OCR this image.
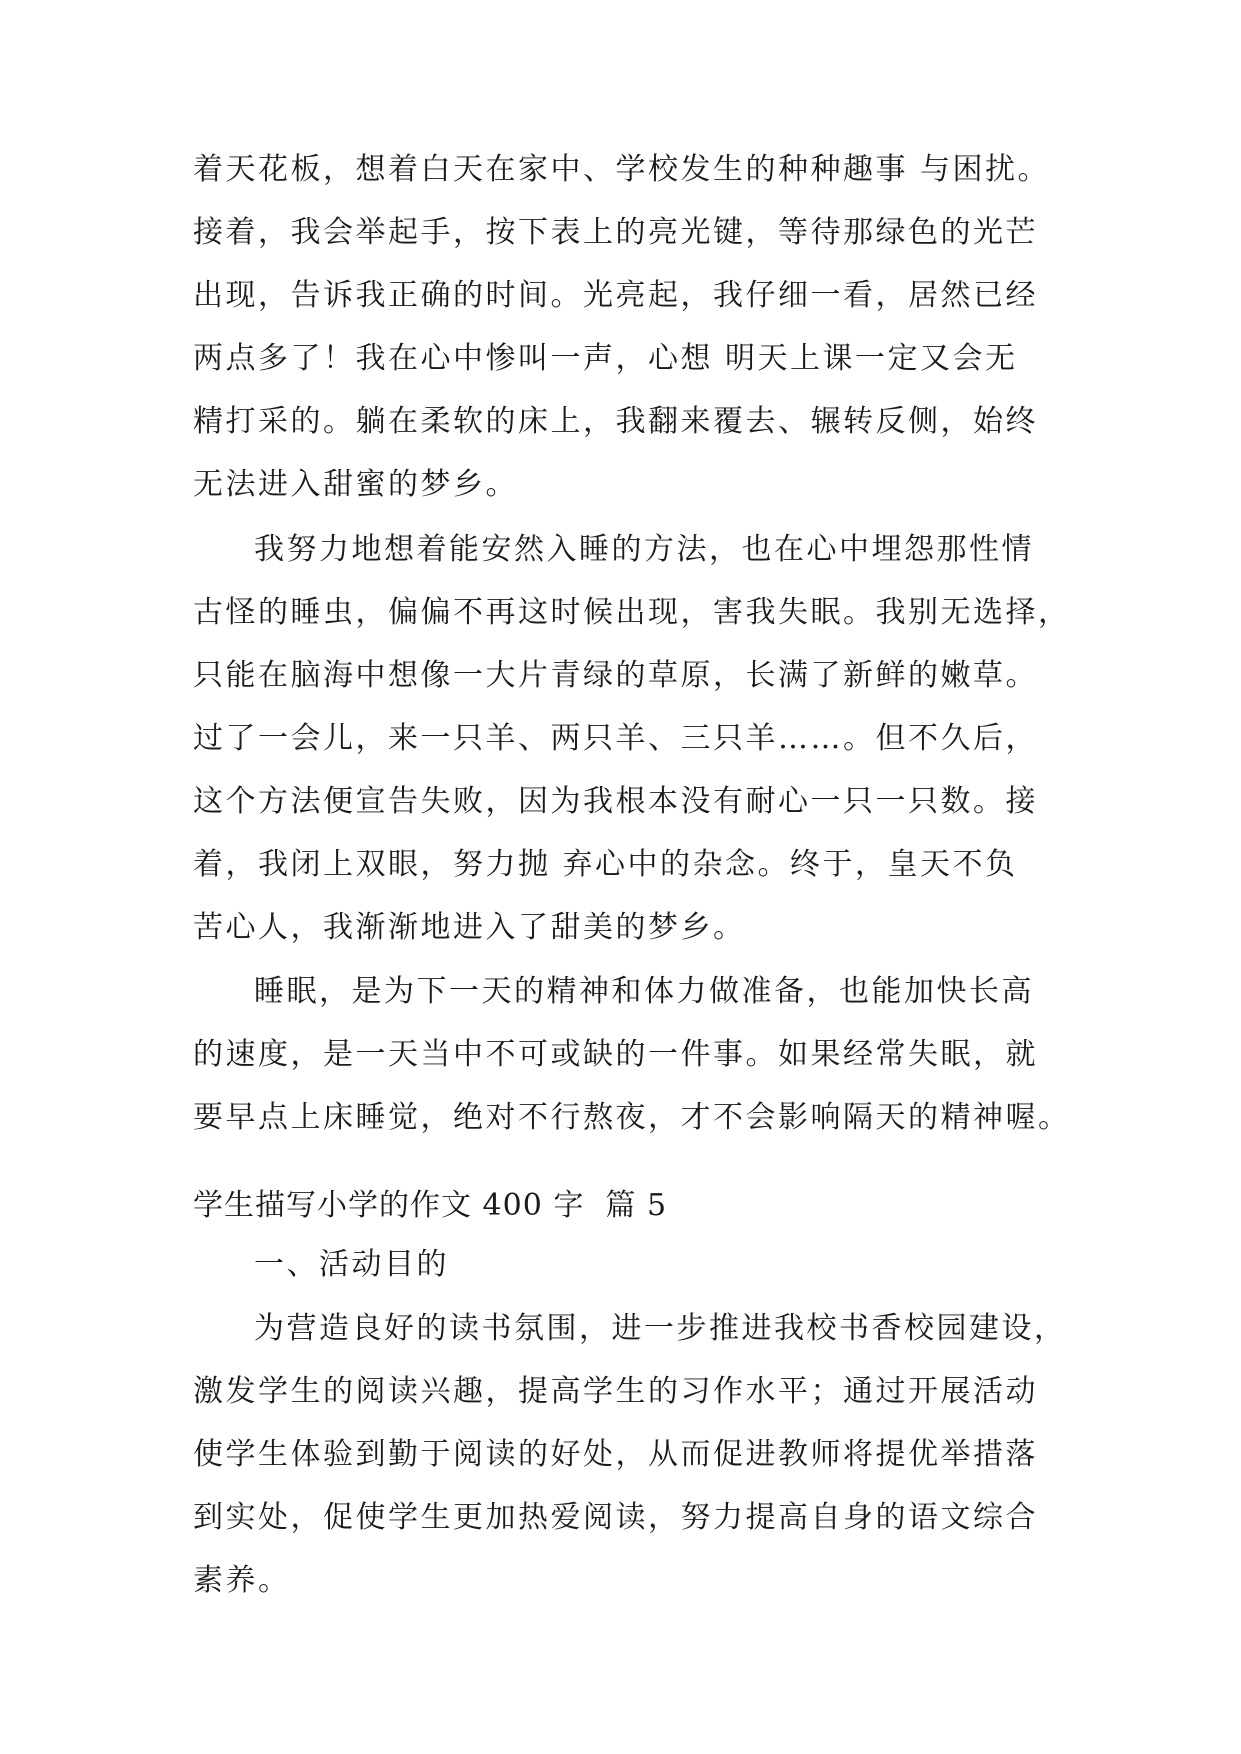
着天花板，想着白天在家中、学校发生的种种趣事 与困扰。
接着，我会举起手，按下表上的亮光键，等待那绿色的光芒
出现，告诉我正确的时间。光亮起，我仔细一看，居然已经
两点多了！我在心中惨叫一声，心想 明天上课一定又会无
精打采的。躺在柔软的床上，我翻来覆去、辗转反侧，始终
无法进入甜蜜的梦乡。
我努力地想着能安然入睡的方法，也在心中埋怨那性情
古怪的睡虫，偏偏不再这时候出现，害我失眠。我别无选择，
只能在脑海中想像一大片青绿的草原，长满了新鲜的嫩草。
过了一会儿，来一只羊、两只羊、三只羊……。但不久后，
这个方法便宣告失败，因为我根本没有耐心一只一只数。接
着，我闭上双眼，努力抛 弃心中的杂念。终于，皇天不负
苦心人，我渐渐地进入了甜美的梦乡。
睡眠，是为下一天的精神和体力做准备，也能加快长高
的速度，是一天当中不可或缺的一件事。如果经常失眠，就
要早点上床睡觉，绝对不行熬夜，才不会影响隔天的精神喔。
学生描写小学的作文 400 字  篇 5
一、活动目的
为营造良好的读书氛围，进一步推进我校书香校园建设，
激发学生的阅读兴趣，提高学生的习作水平；通过开展活动
使学生体验到勤于阅读的好处，从而促进教师将提优举措落
到实处，促使学生更加热爱阅读，努力提高自身的语文综合
素养。
